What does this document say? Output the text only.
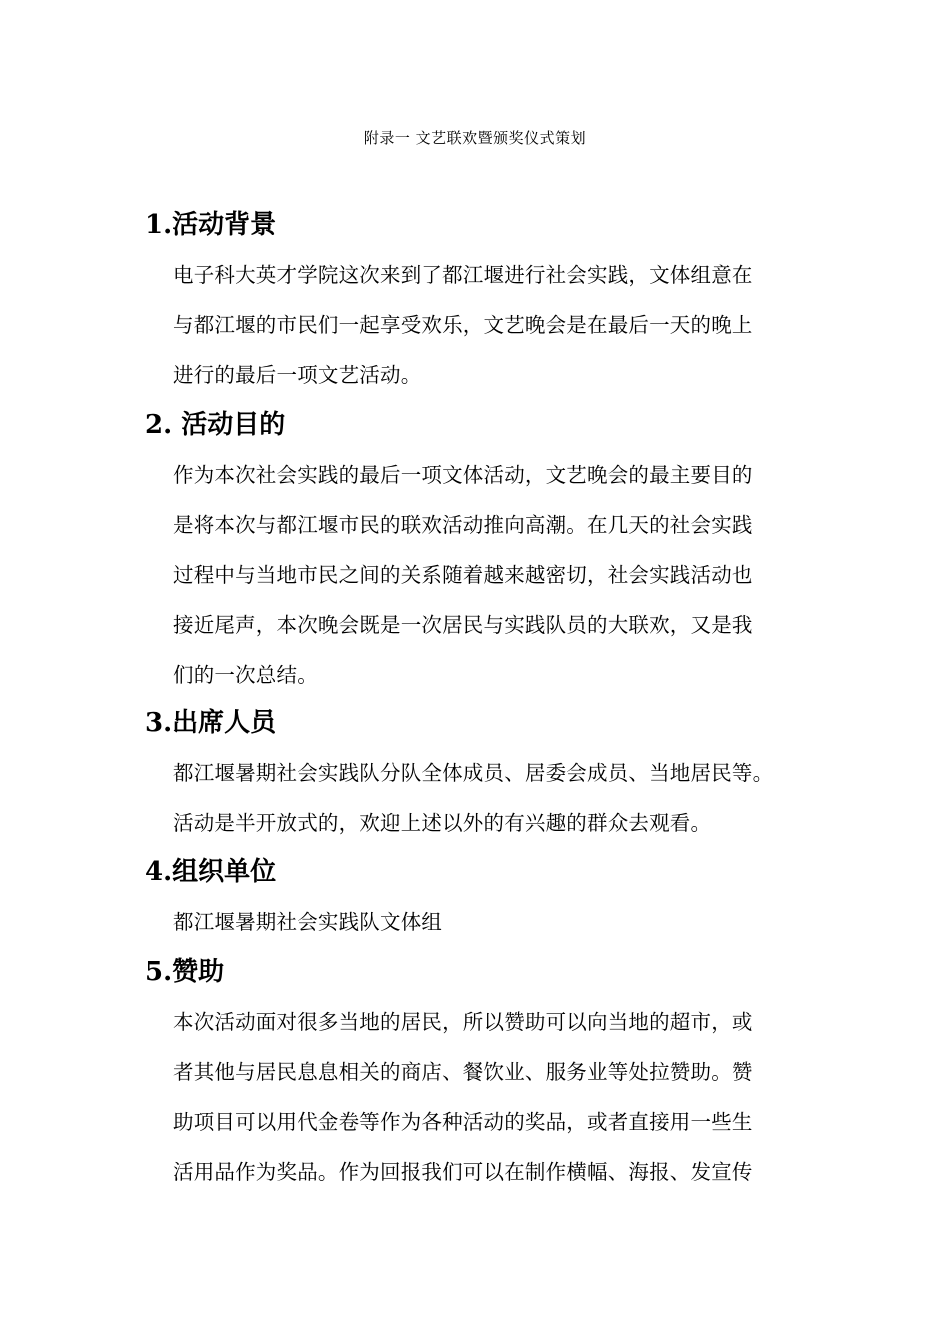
附录一 文艺联欢暨颁奖仪式策划
1.活动背景
电子科大英才学院这次来到了都江堰进行社会实践，文体组意在
与都江堰的市民们一起享受欢乐，文艺晚会是在最后一天的晚上
进行的最后一项文艺活动。
2. 活动目的
作为本次社会实践的最后一项文体活动，文艺晚会的最主要目的
是将本次与都江堰市民的联欢活动推向高潮。在几天的社会实践
过程中与当地市民之间的关系随着越来越密切，社会实践活动也
接近尾声，本次晚会既是一次居民与实践队员的大联欢，又是我
们的一次总结。
3.出席人员
都江堰暑期社会实践队分队全体成员、居委会成员、当地居民等。
活动是半开放式的，欢迎上述以外的有兴趣的群众去观看。
4.组织单位
都江堰暑期社会实践队文体组
5.赞助
本次活动面对很多当地的居民，所以赞助可以向当地的超市，或
者其他与居民息息相关的商店、餐饮业、服务业等处拉赞助。赞
助项目可以用代金卷等作为各种活动的奖品，或者直接用一些生
活用品作为奖品。作为回报我们可以在制作横幅、海报、发宣传
